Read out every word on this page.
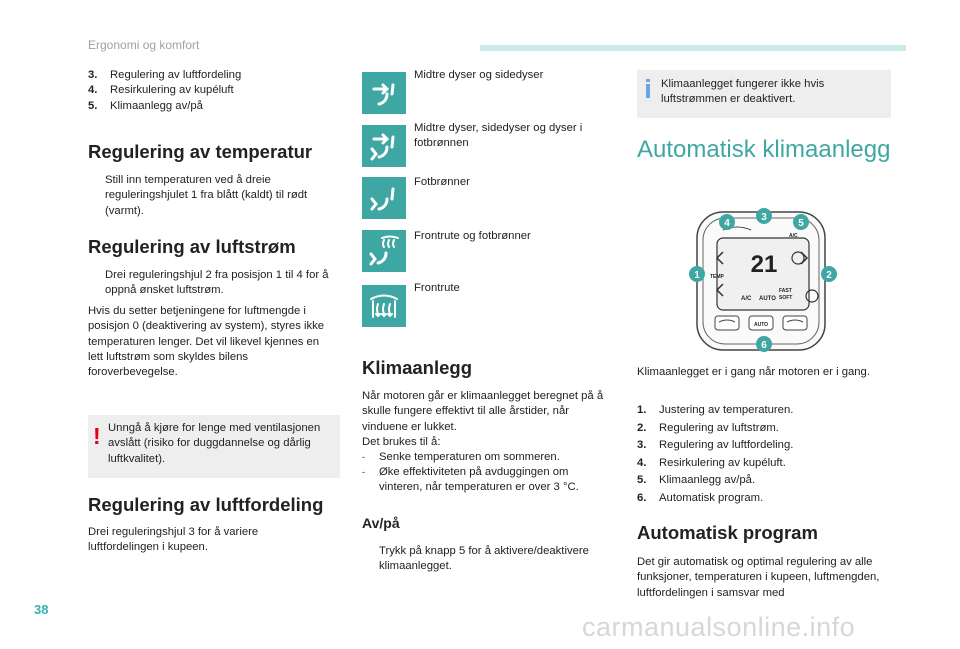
Ergonomi og komfort
3.	Regulering av luftfordeling
4.	Resirkulering av kupéluft
5.	Klimaanlegg av/på
Regulering av temperatur
Still inn temperaturen ved å dreie reguleringshjulet 1 fra blått (kaldt) til rødt (varmt).
Regulering av luftstrøm
Drei reguleringshjul 2 fra posisjon 1 til 4 for å oppnå ønsket luftstrøm.
Hvis du setter betjeningene for luftmengde i posisjon 0 (deaktivering av system), styres ikke temperaturen lenger. Det vil likevel kjennes en lett luftstrøm som skyldes bilens foroverbevegelse.
! Unngå å kjøre for lenge med ventilasjonen avslått (risiko for duggdannelse og dårlig luftkvalitet).
Regulering av luftfordeling
Drei reguleringshjul 3 for å variere luftfordelingen i kupeen.
Midtre dyser og sidedyser
Midtre dyser, sidedyser og dyser i fotbrønnen
Fotbrønner
Frontrute og fotbrønner
Frontrute
Klimaanlegg
Når motoren går er klimaanlegget beregnet på å skulle fungere effektivt til alle årstider, når vinduene er lukket.
Det brukes til å:
-	Senke temperaturen om sommeren.
-	Øke effektiviteten på avduggingen om vinteren, når temperaturen er over 3 °C.
Av/på
Trykk på knapp 5 for å aktivere/deaktivere klimaanlegget.
Klimaanlegget fungerer ikke hvis luftstrømmen er deaktivert.
Automatisk klimaanlegg
21
A/C AUTO
FAST
SOFT
TEMP
A/C
AUTO
1	2
3
4	5
6
Klimaanlegget er i gang når motoren er i gang.
1.	Justering av temperaturen.
2.	Regulering av luftstrøm.
3.	Regulering av luftfordeling.
4.	Resirkulering av kupéluft.
5.	Klimaanlegg av/på.
6.	Automatisk program.
Automatisk program
Det gir automatisk og optimal regulering av alle funksjoner, temperaturen i kupeen, luftmengden, luftfordelingen i samsvar med
38
carmanualsonline.info
